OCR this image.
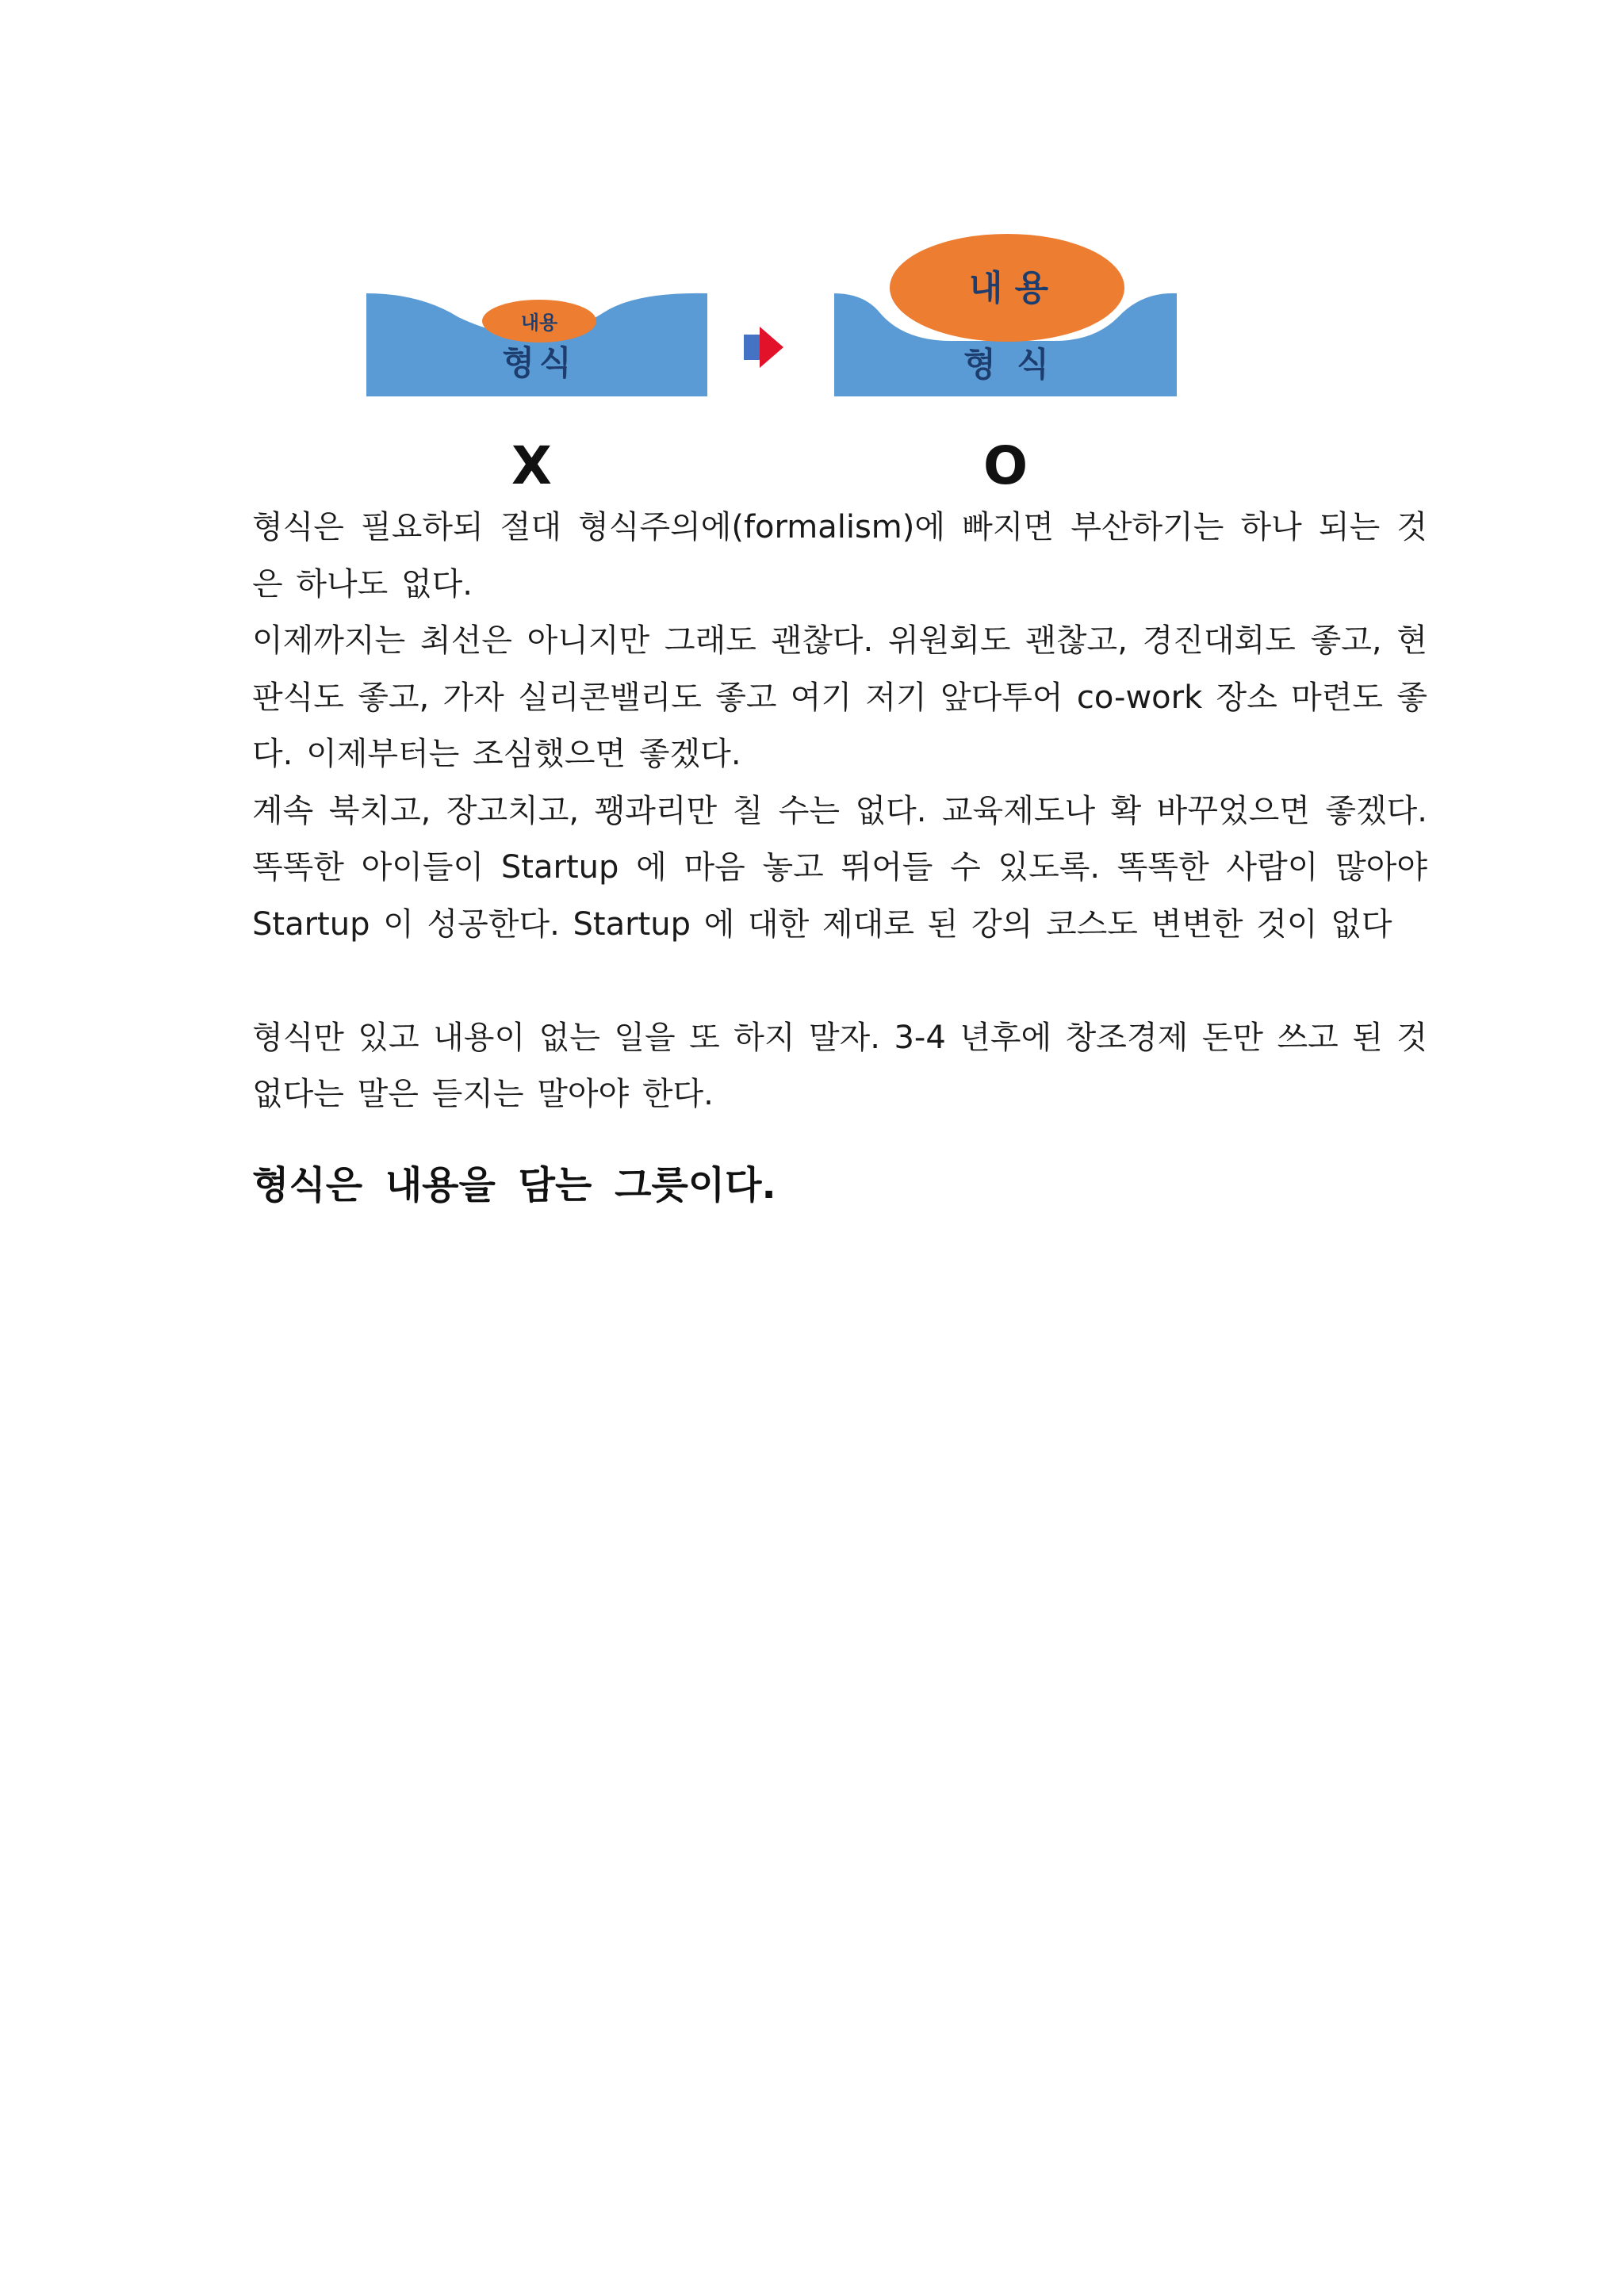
내용
형식
내 용
형 식
X	O

형식은 필요하되 절대 형식주의에(formalism)에 빠지면 부산하기는 하나 되는 것은 하나도 없다.

이제까지는 최선은 아니지만 그래도 괜찮다. 위원회도 괜찮고, 경진대회도 좋고, 현판식도 좋고, 가자 실리콘밸리도 좋고 여기 저기 앞다투어 co-work 장소 마련도 좋다. 이제부터는 조심했으면 좋겠다.

계속 북치고, 장고치고, 꽹과리만 칠 수는 없다. 교육제도나 확 바꾸었으면 좋겠다. 똑똑한 아이들이 Startup 에 마음 놓고 뛰어들 수 있도록. 똑똑한 사람이 많아야 Startup 이 성공한다. Startup 에 대한 제대로 된 강의 코스도 변변한 것이 없다

형식만 있고 내용이 없는 일을 또 하지 말자. 3-4 년후에 창조경제 돈만 쓰고 된 것 없다는 말은 듣지는 말아야 한다.

형식은 내용을 담는 그릇이다.
